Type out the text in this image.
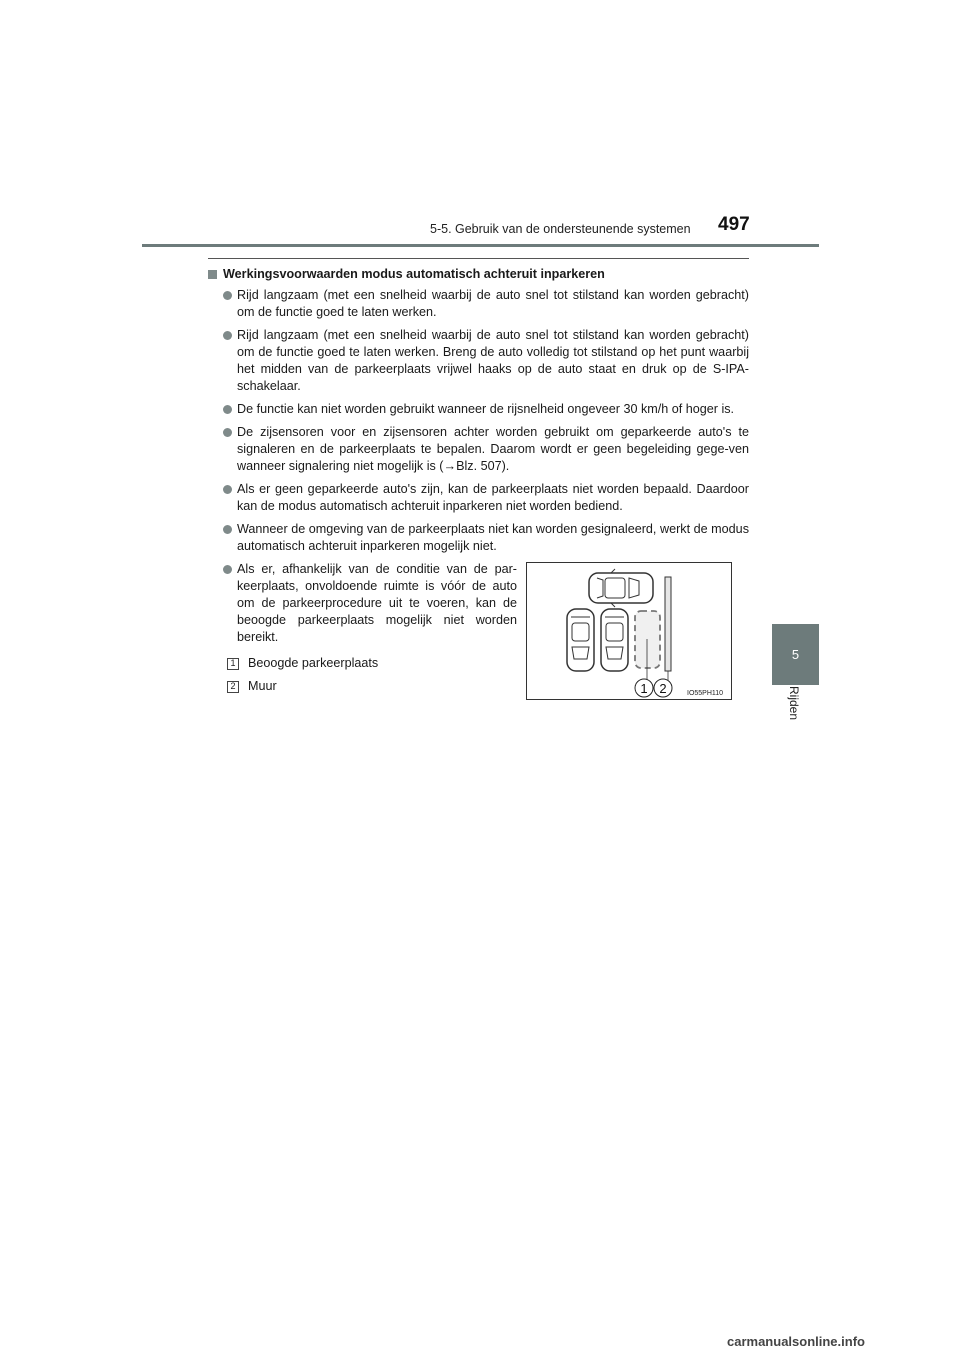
5-5. Gebruik van de ondersteunende systemen	497
5
Rijden
Werkingsvoorwaarden modus automatisch achteruit inparkeren
Rijd langzaam (met een snelheid waarbij de auto snel tot stilstand kan worden gebracht) om de functie goed te laten werken.
Rijd langzaam (met een snelheid waarbij de auto snel tot stilstand kan worden gebracht) om de functie goed te laten werken. Breng de auto volledig tot stilstand op het punt waarbij het midden van de parkeerplaats vrijwel haaks op de auto staat en druk op de S-IPA-schakelaar.
De functie kan niet worden gebruikt wanneer de rijsnelheid ongeveer 30 km/h of hoger is.
De zijsensoren voor en zijsensoren achter worden gebruikt om geparkeerde auto's te signaleren en de parkeerplaats te bepalen. Daarom wordt er geen begeleiding gege-ven wanneer signalering niet mogelijk is (→Blz. 507).
Als er geen geparkeerde auto's zijn, kan de parkeerplaats niet worden bepaald. Daardoor kan de modus automatisch achteruit inparkeren niet worden bediend.
Wanneer de omgeving van de parkeerplaats niet kan worden gesignaleerd, werkt de modus automatisch achteruit inparkeren mogelijk niet.
Als er, afhankelijk van de conditie van de par-keerplaats, onvoldoende ruimte is vóór de auto om de parkeerprocedure uit te voeren, kan de beoogde parkeerplaats mogelijk niet worden bereikt.
1 Beoogde parkeerplaats
2 Muur	1 2	IO55PH110
carmanualsonline.info
